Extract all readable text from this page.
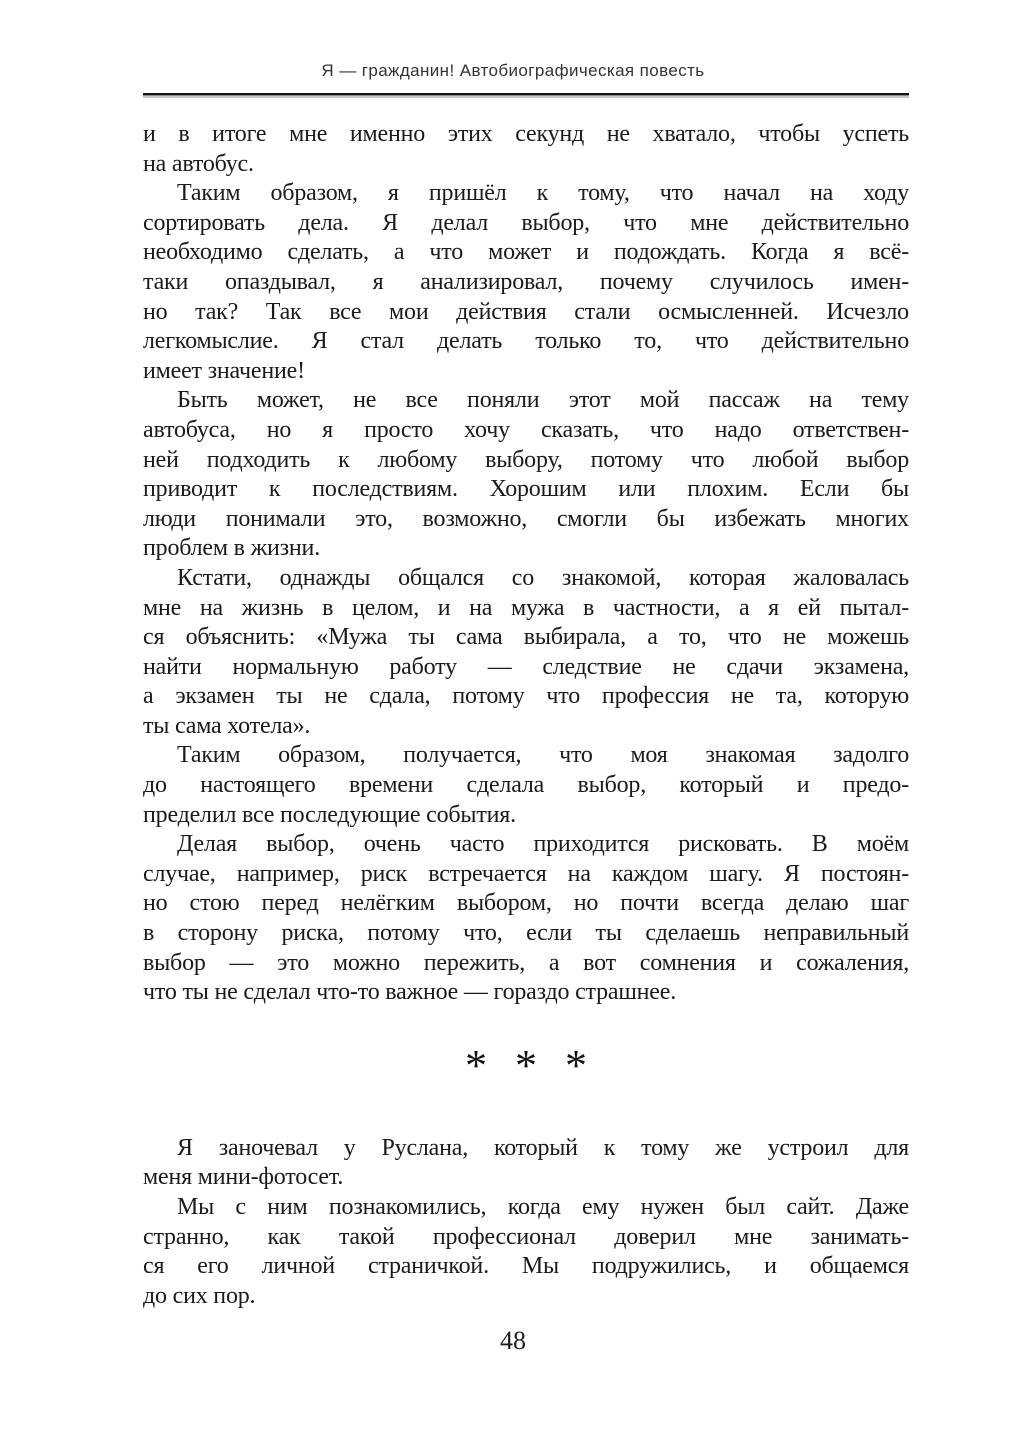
Я — гражданин! Автобиографическая повесть
и в итоге мне именно этих секунд не хватало, чтобы успеть
на автобус.
Таким образом, я пришёл к тому, что начал на ходу
сортировать дела. Я делал выбор, что мне действительно
необходимо сделать, а что может и подождать. Когда я всё-
таки опаздывал, я анализировал, почему случилось имен-
но так? Так все мои действия стали осмысленней. Исчезло
легкомыслие. Я стал делать только то, что действительно
имеет значение!
Быть может, не все поняли этот мой пассаж на тему
автобуса, но я просто хочу сказать, что надо ответствен-
ней подходить к любому выбору, потому что любой выбор
приводит к последствиям. Хорошим или плохим. Если бы
люди понимали это, возможно, смогли бы избежать многих
проблем в жизни.
Кстати, однажды общался со знакомой, которая жаловалась
мне на жизнь в целом, и на мужа в частности, а я ей пытал-
ся объяснить: «Мужа ты сама выбирала, а то, что не можешь
найти нормальную работу — следствие не сдачи экзамена,
а экзамен ты не сдала, потому что профессия не та, которую
ты сама хотела».
Таким образом, получается, что моя знакомая задолго
до настоящего времени сделала выбор, который и предо-
пределил все последующие события.
Делая выбор, очень часто приходится рисковать. В моём
случае, например, риск встречается на каждом шагу. Я постоян-
но стою перед нелёгким выбором, но почти всегда делаю шаг
в сторону риска, потому что, если ты сделаешь неправильный
выбор — это можно пережить, а вот сомнения и сожаления,
что ты не сделал что-то важное — гораздо страшнее.
* * *
Я заночевал у Руслана, который к тому же устроил для
меня мини-фотосет.
Мы с ним познакомились, когда ему нужен был сайт. Даже
странно, как такой профессионал доверил мне занимать-
ся его личной страничкой. Мы подружились, и общаемся
до сих пор.
48
